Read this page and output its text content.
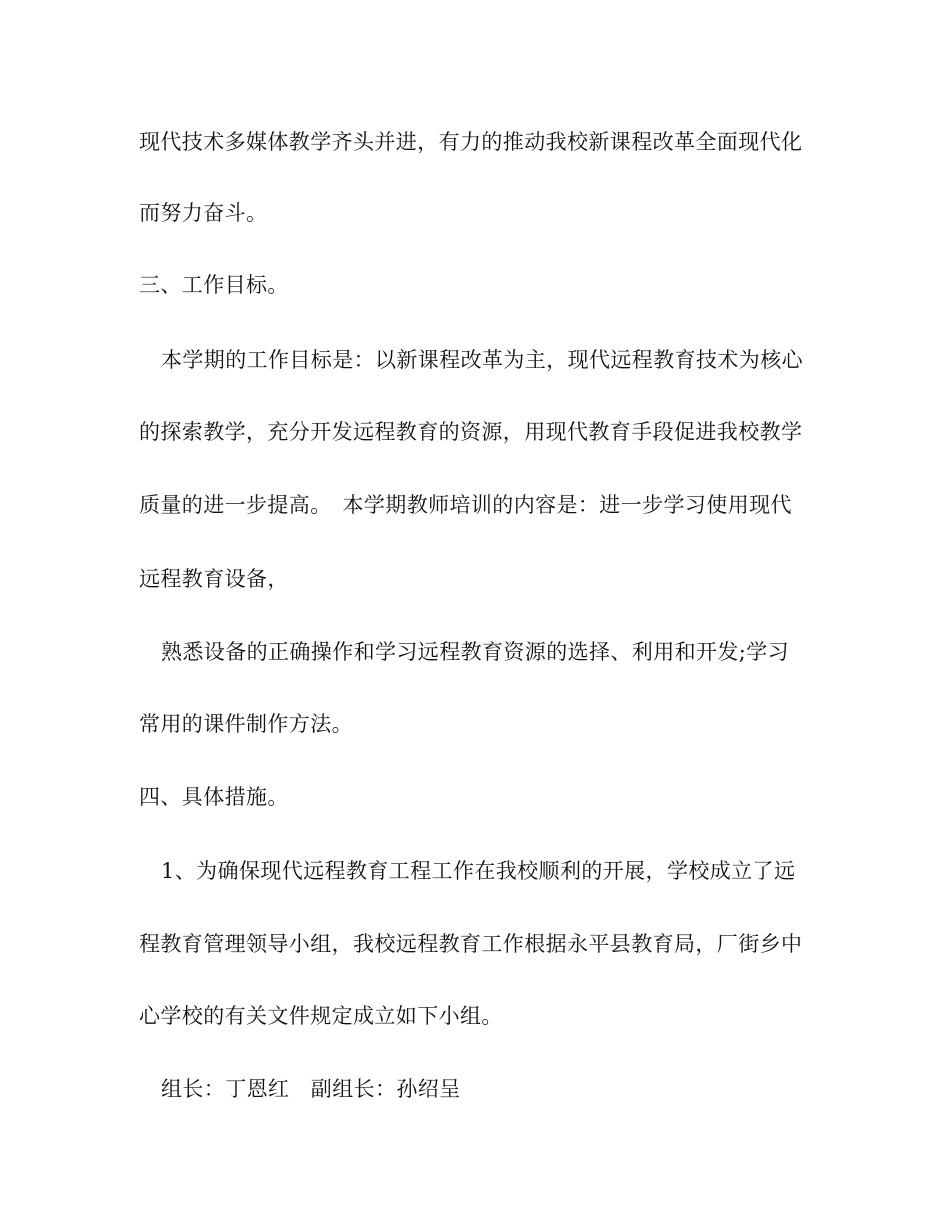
现代技术多媒体教学齐头并进，有力的推动我校新课程改革全面现代化
而努力奋斗。
三、工作目标。
本学期的工作目标是：以新课程改革为主，现代远程教育技术为核心
的探索教学，充分开发远程教育的资源，用现代教育手段促进我校教学
质量的进一步提高。　本学期教师培训的内容是：进一步学习使用现代
远程教育设备，
熟悉设备的正确操作和学习远程教育资源的选择、利用和开发;学习
常用的课件制作方法。
四、具体措施。
1、为确保现代远程教育工程工作在我校顺利的开展，学校成立了远
程教育管理领导小组，我校远程教育工作根据永平县教育局，厂街乡中
心学校的有关文件规定成立如下小组。
组长：丁恩红　副组长：孙绍呈
